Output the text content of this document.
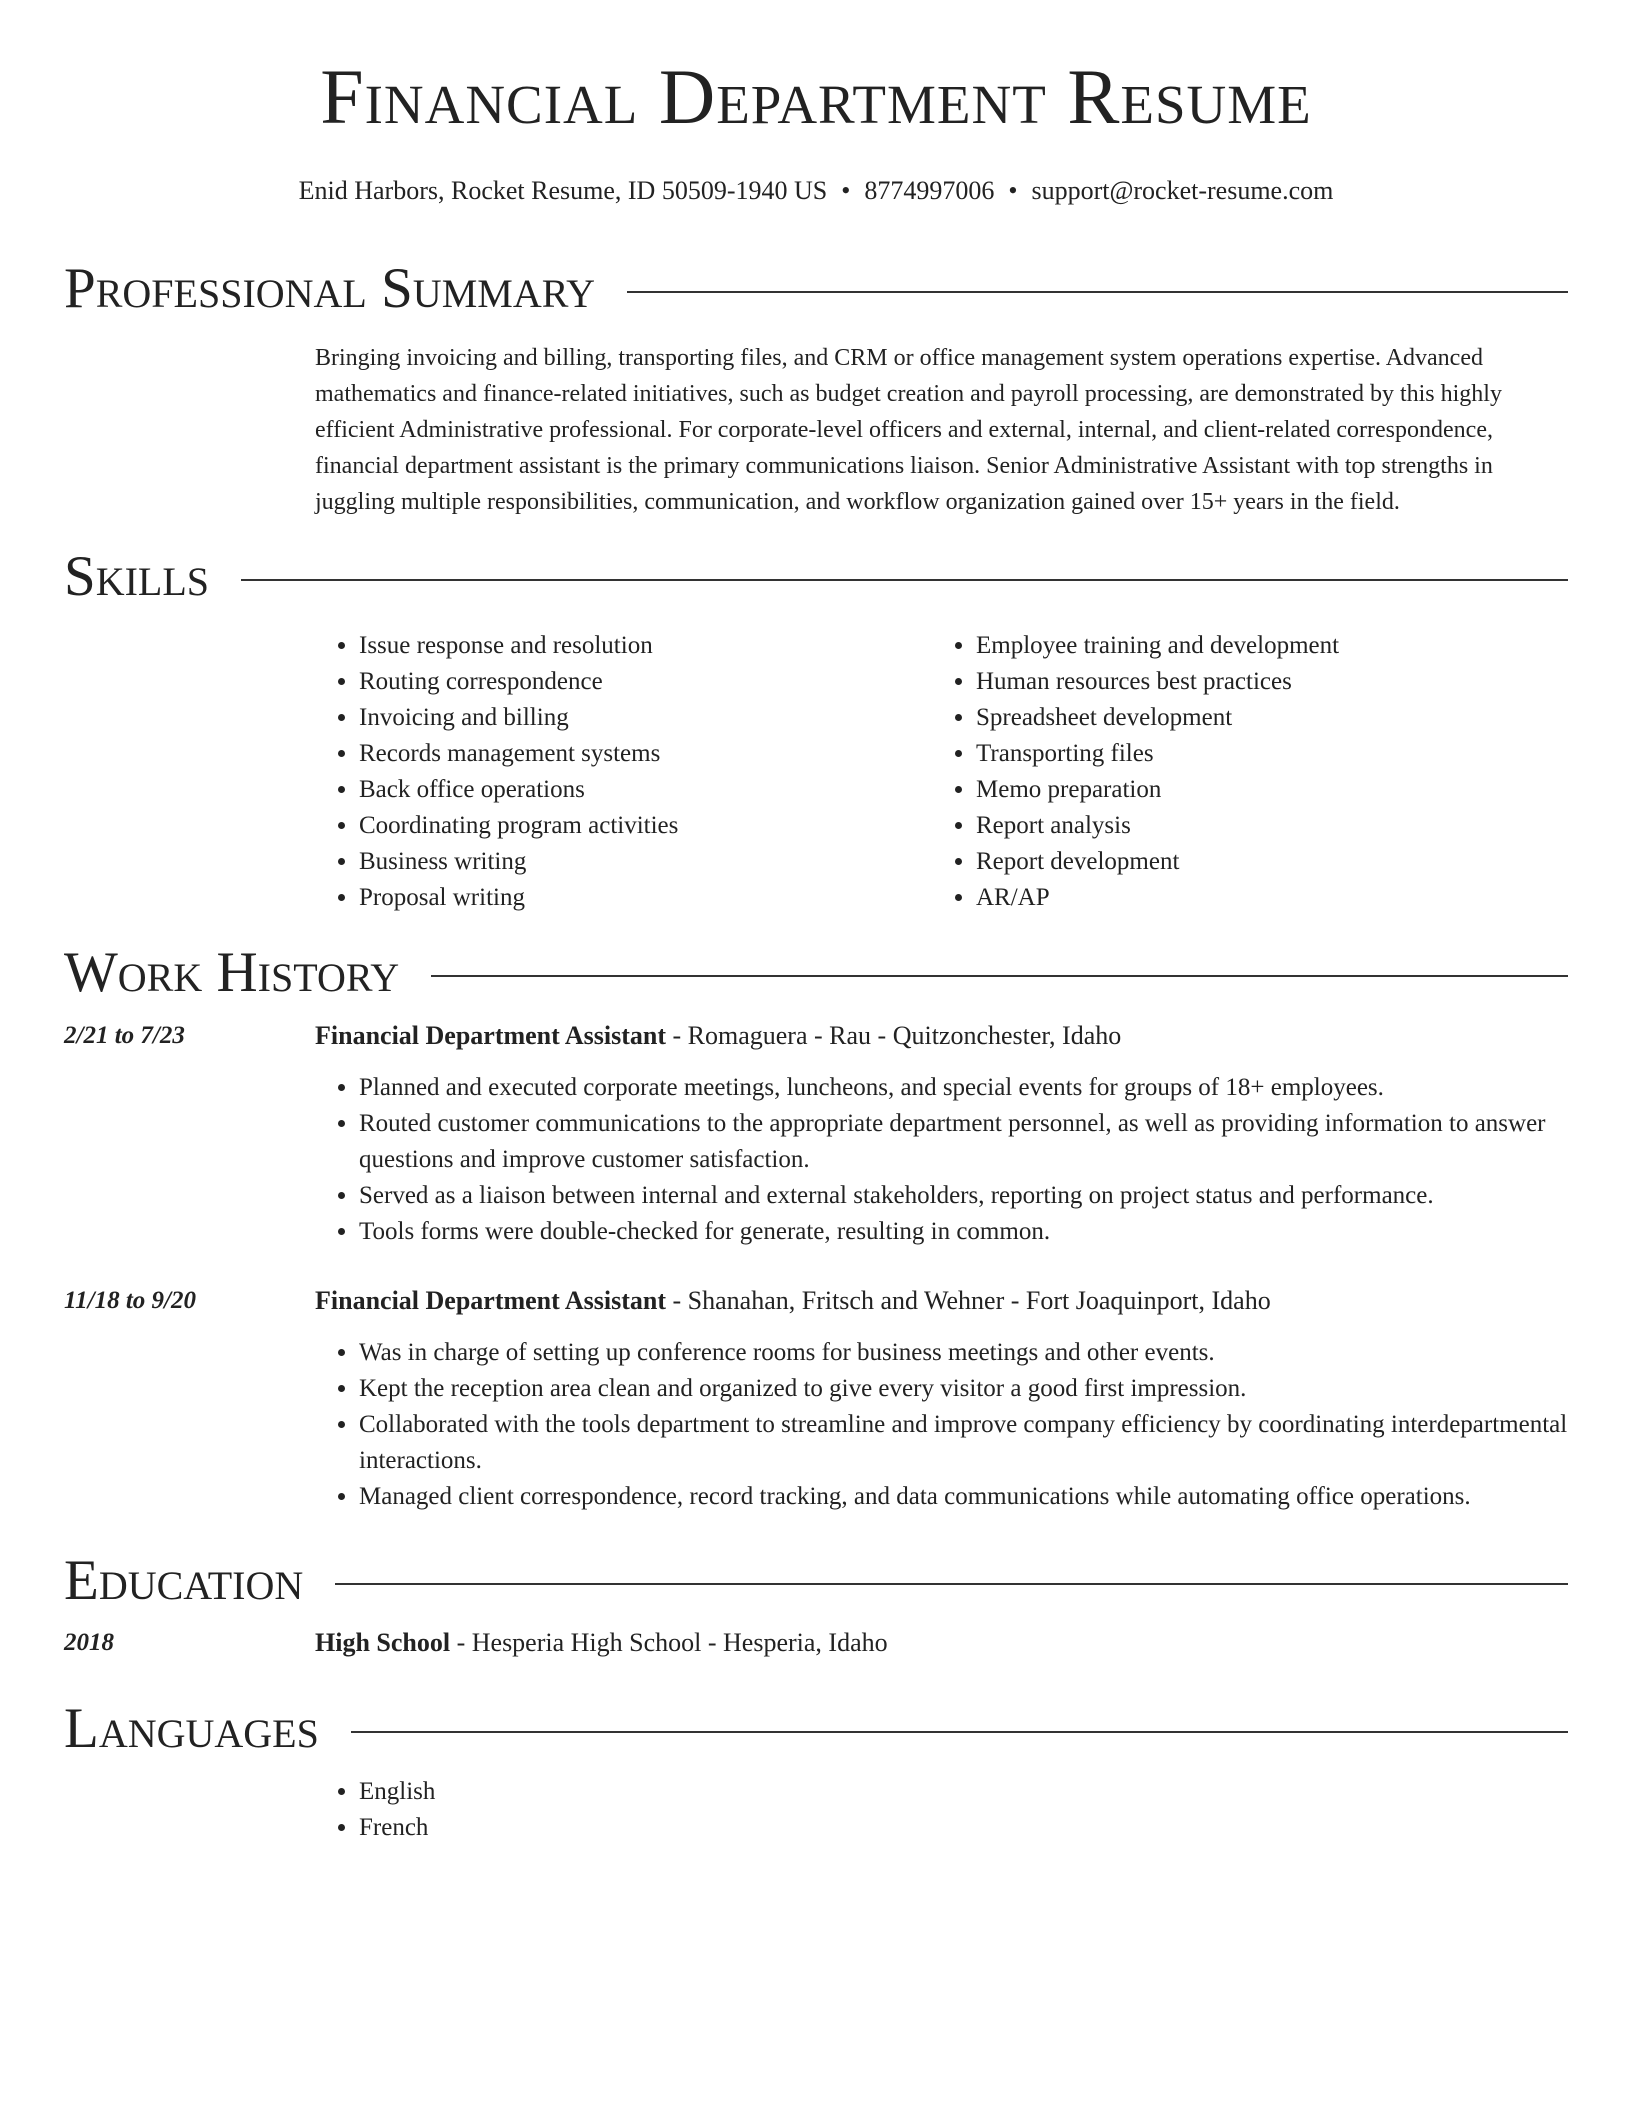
Financial Department Resume
Enid Harbors, Rocket Resume, ID 50509-1940 US • 8774997006 • support@rocket-resume.com
Professional Summary
Bringing invoicing and billing, transporting files, and CRM or office management system operations expertise. Advanced mathematics and finance-related initiatives, such as budget creation and payroll processing, are demonstrated by this highly efficient Administrative professional. For corporate-level officers and external, internal, and client-related correspondence, financial department assistant is the primary communications liaison. Senior Administrative Assistant with top strengths in juggling multiple responsibilities, communication, and workflow organization gained over 15+ years in the field.
Skills
• Issue response and resolution
• Routing correspondence
• Invoicing and billing
• Records management systems
• Back office operations
• Coordinating program activities
• Business writing
• Proposal writing
• Employee training and development
• Human resources best practices
• Spreadsheet development
• Transporting files
• Memo preparation
• Report analysis
• Report development
• AR/AP
Work History
2/21 to 7/23	Financial Department Assistant - Romaguera - Rau - Quitzonchester, Idaho
• Planned and executed corporate meetings, luncheons, and special events for groups of 18+ employees.
• Routed customer communications to the appropriate department personnel, as well as providing information to answer questions and improve customer satisfaction.
• Served as a liaison between internal and external stakeholders, reporting on project status and performance.
• Tools forms were double-checked for generate, resulting in common.
11/18 to 9/20	Financial Department Assistant - Shanahan, Fritsch and Wehner - Fort Joaquinport, Idaho
• Was in charge of setting up conference rooms for business meetings and other events.
• Kept the reception area clean and organized to give every visitor a good first impression.
• Collaborated with the tools department to streamline and improve company efficiency by coordinating interdepartmental interactions.
• Managed client correspondence, record tracking, and data communications while automating office operations.
Education
2018	High School - Hesperia High School - Hesperia, Idaho
Languages
• English
• French
